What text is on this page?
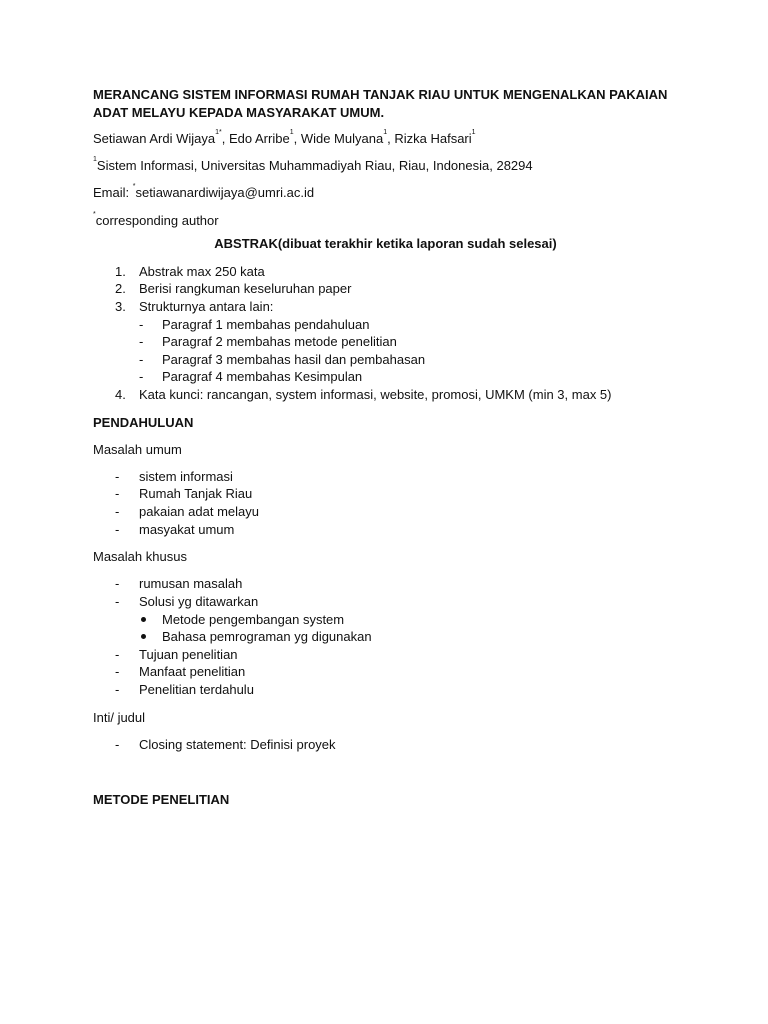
MERANCANG SISTEM INFORMASI RUMAH TANJAK RIAU UNTUK MENGENALKAN PAKAIAN ADAT MELAYU KEPADA MASYARAKAT UMUM.
Setiawan Ardi Wijaya$^{1*}$, Edo Arribe$^1$, Wide Mulyana$^1$, Rizka Hafsari$^1$
$^1$Sistem Informasi, Universitas Muhammadiyah Riau, Riau, Indonesia, 28294
Email: *setiawanardiwijaya@umri.ac.id
*corresponding author
ABSTRAK(dibuat terakhir ketika laporan sudah selesai)
1.	Abstrak max 250 kata
2.	Berisi rangkuman keseluruhan paper
3.	Strukturnya antara lain:
-	Paragraf 1 membahas pendahuluan
-	Paragraf 2 membahas metode penelitian
-	Paragraf 3 membahas hasil dan pembahasan
-	Paragraf 4 membahas Kesimpulan
4.	Kata kunci: rancangan, system informasi, website, promosi, UMKM (min 3, max 5)
PENDAHULUAN
Masalah umum
-	sistem informasi
-	Rumah Tanjak Riau
-	pakaian adat melayu
-	masyakat umum
Masalah khusus
-	rumusan masalah
-	Solusi yg ditawarkan
Metode pengembangan system
Bahasa pemrograman yg digunakan
-	Tujuan penelitian
-	Manfaat penelitian
-	Penelitian terdahulu
Inti/ judul
-	Closing statement: Definisi proyek
METODE PENELITIAN
